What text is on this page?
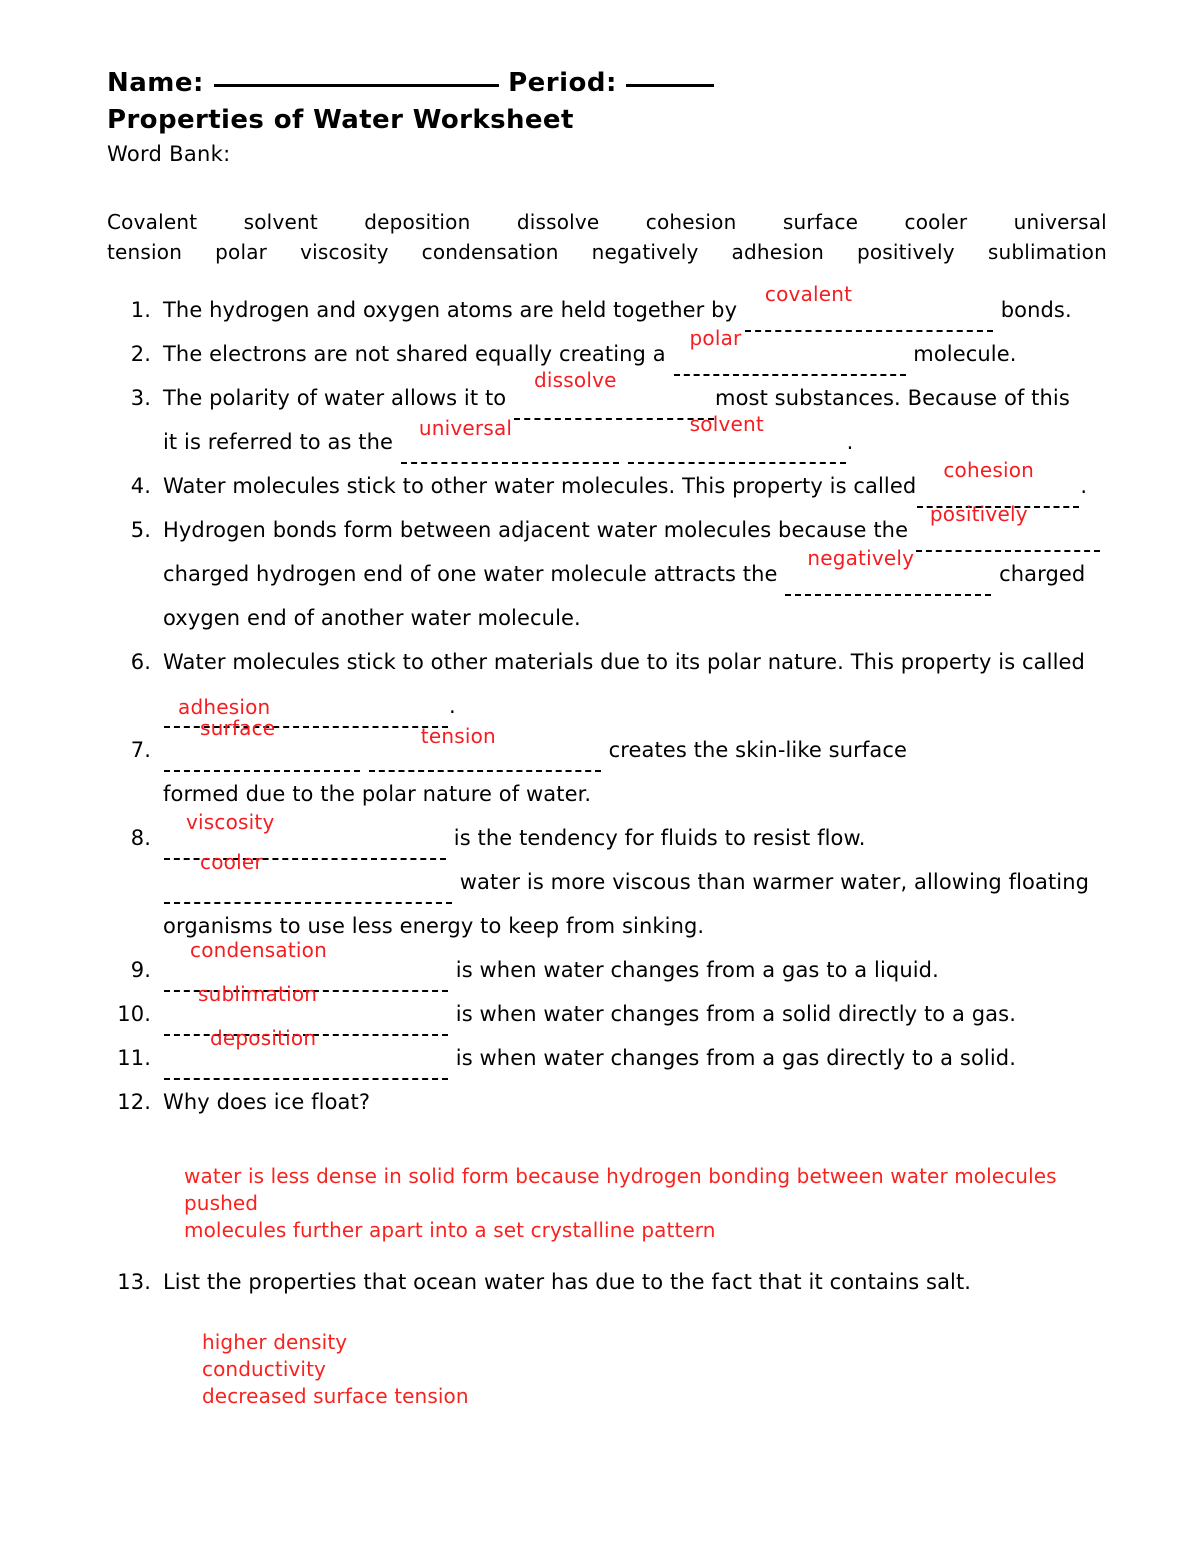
Name:	Period:
Properties of Water Worksheet
Word Bank:
Covalent solvent deposition dissolve cohesion surface cooler universal
tension polar viscosity condensation negatively adhesion positively sublimation
1. The hydrogen and oxygen atoms are held together by
covalent
bonds.
2. The electrons are not shared equally creating a
polar
molecule.
3. The polarity of water allows it to
dissolve
most substances. Because of this
it is referred to as the
universal
	solvent
.
4. Water molecules stick to other water molecules. This property is called
cohesion
.
5. Hydrogen bonds form between adjacent water molecules because the
positively
charged hydrogen end of one water molecule attracts the
negatively
charged
oxygen end of another water molecule.
6. Water molecules stick to other materials due to its polar nature. This property is called
adhesion	.
7.
surface
	tension
creates the skin-like surface
formed due to the polar nature of water.
8.
viscosity
is the tendency for fluids to resist flow.
cooler
water is more viscous than warmer water, allowing floating
organisms to use less energy to keep from sinking.
9.
condensation
is when water changes from a gas to a liquid.
10.
sublimation
is when water changes from a solid directly to a gas.
11.
deposition
is when water changes from a gas directly to a solid.
12. Why does ice float?
13. List the properties that ocean water has due to the fact that it contains salt.
water is less dense in solid form because hydrogen bonding between water molecules pushed
molecules further apart into a set crystalline pattern
higher density
conductivity
decreased surface tension
